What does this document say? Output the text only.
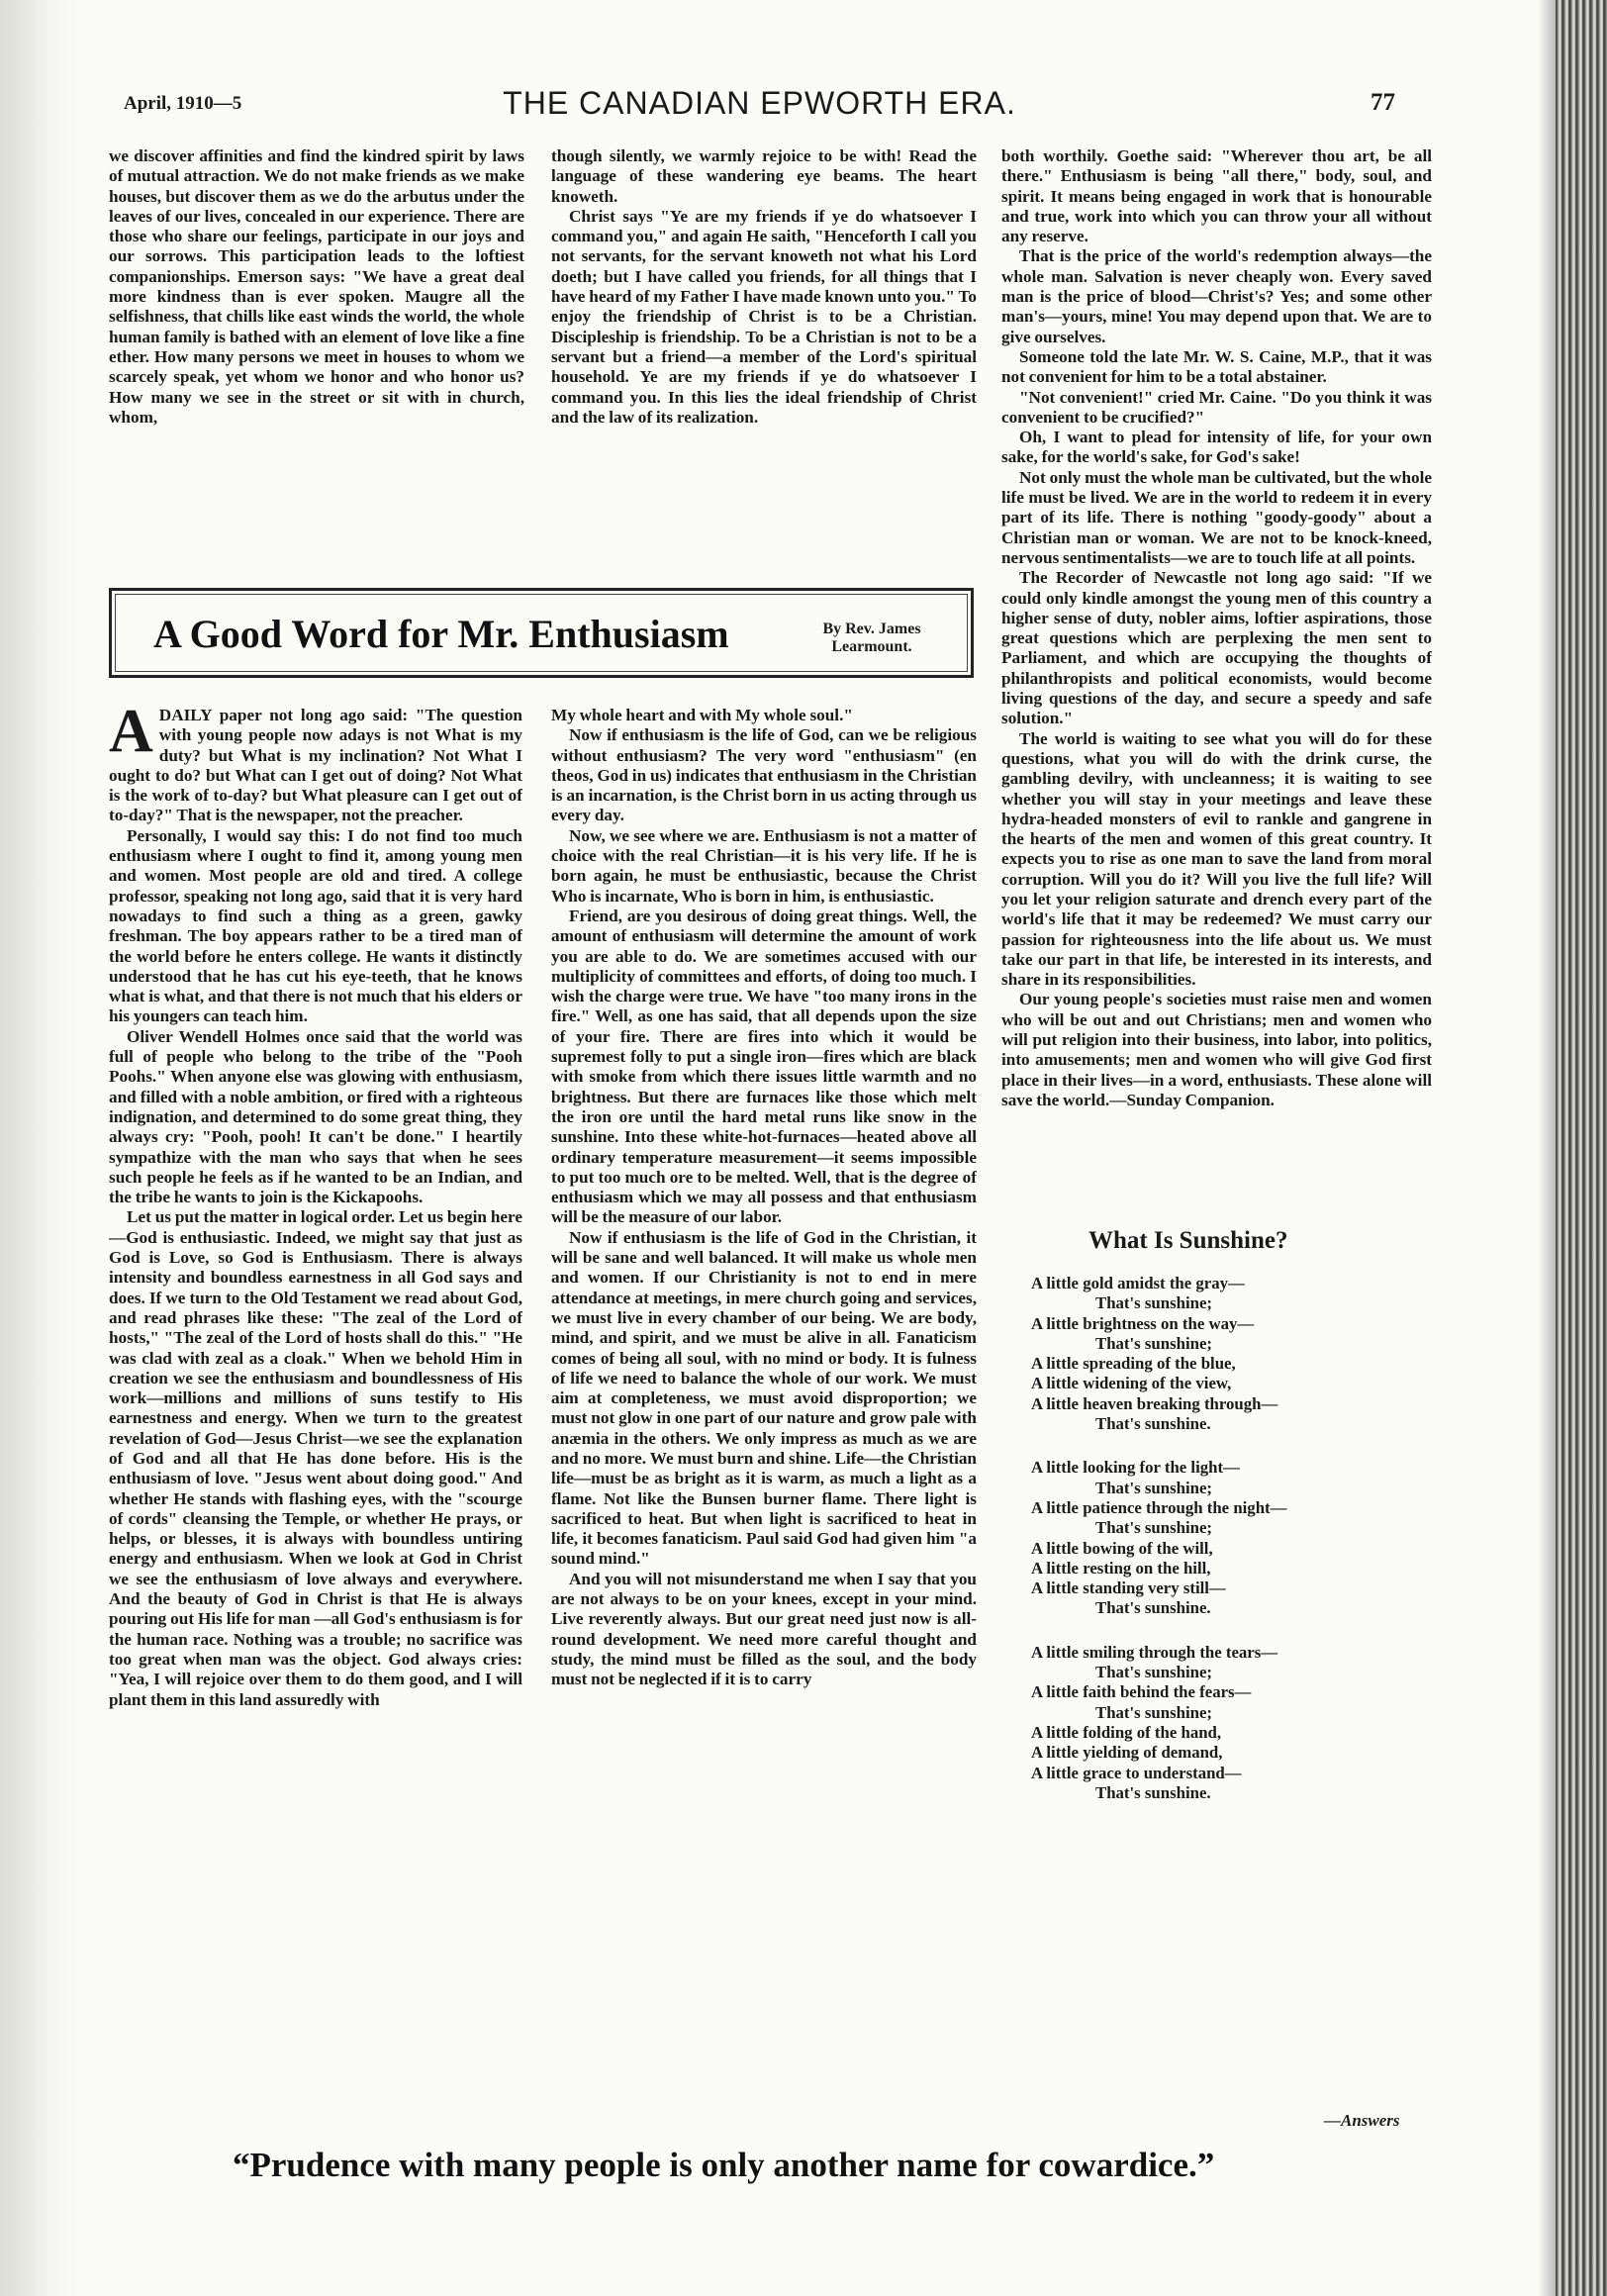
April, 1910—5	THE CANADIAN EPWORTH ERA.	77

we discover affinities and find the kindred spirit by laws of mutual attraction. We do not make friends as we make houses, but discover them as we do the arbutus under the leaves of our lives, concealed in our experience. There are those who share our feelings, participate in our joys and our sorrows. This participation leads to the loftiest companionships. Emerson says: "We have a great deal more kindness than is ever spoken. Maugre all the selfishness, that chills like east winds the world, the whole human family is bathed with an element of love like a fine ether. How many persons we meet in houses to whom we scarcely speak, yet whom we honor and who honor us? How many we see in the street or sit with in church, whom,

though silently, we warmly rejoice to be with! Read the language of these wandering eye beams. The heart knoweth.

Christ says "Ye are my friends if ye do whatsoever I command you," and again He saith, "Henceforth I call you not servants, for the servant knoweth not what his Lord doeth; but I have called you friends, for all things that I have heard of my Father I have made known unto you." To enjoy the friendship of Christ is to be a Christian. Discipleship is friendship. To be a Christian is not to be a servant but a friend—a member of the Lord's spiritual household. Ye are my friends if ye do whatsoever I command you. In this lies the ideal friendship of Christ and the law of its realization.

A Good Word for Mr. Enthusiasm	By Rev. James
Learmount.

ADAILY paper not long ago said: "The question with young people now adays is not What is my duty? but What is my inclination? Not What I ought to do? but What can I get out of doing? Not What is the work of to-day? but What pleasure can I get out of to-day?" That is the newspaper, not the preacher.

Personally, I would say this: I do not find too much enthusiasm where I ought to find it, among young men and women. Most people are old and tired. A college professor, speaking not long ago, said that it is very hard nowadays to find such a thing as a green, gawky freshman. The boy appears rather to be a tired man of the world before he enters college. He wants it distinctly understood that he has cut his eye-teeth, that he knows what is what, and that there is not much that his elders or his youngers can teach him.

Oliver Wendell Holmes once said that the world was full of people who belong to the tribe of the "Pooh Poohs." When anyone else was glowing with enthusiasm, and filled with a noble ambition, or fired with a righteous indignation, and determined to do some great thing, they always cry: "Pooh, pooh! It can't be done." I heartily sympathize with the man who says that when he sees such people he feels as if he wanted to be an Indian, and the tribe he wants to join is the Kickapoohs.

Let us put the matter in logical order. Let us begin here—God is enthusiastic. Indeed, we might say that just as God is Love, so God is Enthusiasm. There is always intensity and boundless earnestness in all God says and does. If we turn to the Old Testament we read about God, and read phrases like these: "The zeal of the Lord of hosts," "The zeal of the Lord of hosts shall do this." "He was clad with zeal as a cloak." When we behold Him in creation we see the enthusiasm and boundlessness of His work—millions and millions of suns testify to His earnestness and energy. When we turn to the greatest revelation of God—Jesus Christ—we see the explanation of God and all that He has done before. His is the enthusiasm of love. "Jesus went about doing good." And whether He stands with flashing eyes, with the "scourge of cords" cleansing the Temple, or whether He prays, or helps, or blesses, it is always with boundless untiring energy and enthusiasm. When we look at God in Christ we see the enthusiasm of love always and everywhere. And the beauty of God in Christ is that He is always pouring out His life for man —all God's enthusiasm is for the human race. Nothing was a trouble; no sacrifice was too great when man was the object. God always cries: "Yea, I will rejoice over them to do them good, and I will plant them in this land assuredly with

My whole heart and with My whole soul."

Now if enthusiasm is the life of God, can we be religious without enthusiasm? The very word "enthusiasm" (en theos, God in us) indicates that enthusiasm in the Christian is an incarnation, is the Christ born in us acting through us every day.

Now, we see where we are. Enthusiasm is not a matter of choice with the real Christian—it is his very life. If he is born again, he must be enthusiastic, because the Christ Who is incarnate, Who is born in him, is enthusiastic.

Friend, are you desirous of doing great things. Well, the amount of enthusiasm will determine the amount of work you are able to do. We are sometimes accused with our multiplicity of committees and efforts, of doing too much. I wish the charge were true. We have "too many irons in the fire." Well, as one has said, that all depends upon the size of your fire. There are fires into which it would be supremest folly to put a single iron—fires which are black with smoke from which there issues little warmth and no brightness. But there are furnaces like those which melt the iron ore until the hard metal runs like snow in the sunshine. Into these white-hot-furnaces—heated above all ordinary temperature measurement—it seems impossible to put too much ore to be melted. Well, that is the degree of enthusiasm which we may all possess and that enthusiasm will be the measure of our labor.

Now if enthusiasm is the life of God in the Christian, it will be sane and well balanced. It will make us whole men and women. If our Christianity is not to end in mere attendance at meetings, in mere church going and services, we must live in every chamber of our being. We are body, mind, and spirit, and we must be alive in all. Fanaticism comes of being all soul, with no mind or body. It is fulness of life we need to balance the whole of our work. We must aim at completeness, we must avoid disproportion; we must not glow in one part of our nature and grow pale with anæmia in the others. We only impress as much as we are and no more. We must burn and shine. Life—the Christian life—must be as bright as it is warm, as much a light as a flame. Not like the Bunsen burner flame. There light is sacrificed to heat. But when light is sacrificed to heat in life, it becomes fanaticism. Paul said God had given him "a sound mind."

And you will not misunderstand me when I say that you are not always to be on your knees, except in your mind. Live reverently always. But our great need just now is all-round development. We need more careful thought and study, the mind must be filled as the soul, and the body must not be neglected if it is to carry

both worthily. Goethe said: "Wherever thou art, be all there." Enthusiasm is being "all there," body, soul, and spirit. It means being engaged in work that is honourable and true, work into which you can throw your all without any reserve.

That is the price of the world's redemption always—the whole man. Salvation is never cheaply won. Every saved man is the price of blood—Christ's? Yes; and some other man's—yours, mine! You may depend upon that. We are to give ourselves.

Someone told the late Mr. W. S. Caine, M.P., that it was not convenient for him to be a total abstainer.

"Not convenient!" cried Mr. Caine. "Do you think it was convenient to be crucified?"

Oh, I want to plead for intensity of life, for your own sake, for the world's sake, for God's sake!

Not only must the whole man be cultivated, but the whole life must be lived. We are in the world to redeem it in every part of its life. There is nothing "goody-goody" about a Christian man or woman. We are not to be knock-kneed, nervous sentimentalists—we are to touch life at all points.

The Recorder of Newcastle not long ago said: "If we could only kindle amongst the young men of this country a higher sense of duty, nobler aims, loftier aspirations, those great questions which are perplexing the men sent to Parliament, and which are occupying the thoughts of philanthropists and political economists, would become living questions of the day, and secure a speedy and safe solution."

The world is waiting to see what you will do for these questions, what you will do with the drink curse, the gambling devilry, with uncleanness; it is waiting to see whether you will stay in your meetings and leave these hydra-headed monsters of evil to rankle and gangrene in the hearts of the men and women of this great country. It expects you to rise as one man to save the land from moral corruption. Will you do it? Will you live the full life? Will you let your religion saturate and drench every part of the world's life that it may be redeemed? We must carry our passion for righteousness into the life about us. We must take our part in that life, be interested in its interests, and share in its responsibilities.

Our young people's societies must raise men and women who will be out and out Christians; men and women who will put religion into their business, into labor, into politics, into amusements; men and women who will give God first place in their lives—in a word, enthusiasts. These alone will save the world.—Sunday Companion.

What Is Sunshine?
A little gold amidst the gray—
That's sunshine;
A little brightness on the way—
That's sunshine;
A little spreading of the blue,
A little widening of the view,
A little heaven breaking through—
That's sunshine.
A little looking for the light—
That's sunshine;
A little patience through the night—
That's sunshine;
A little bowing of the will,
A little resting on the hill,
A little standing very still—
That's sunshine.
A little smiling through the tears—
That's sunshine;
A little faith behind the fears—
That's sunshine;
A little folding of the hand,
A little yielding of demand,
A little grace to understand—
That's sunshine.
—Answers
“Prudence with many people is only another name for cowardice.”
